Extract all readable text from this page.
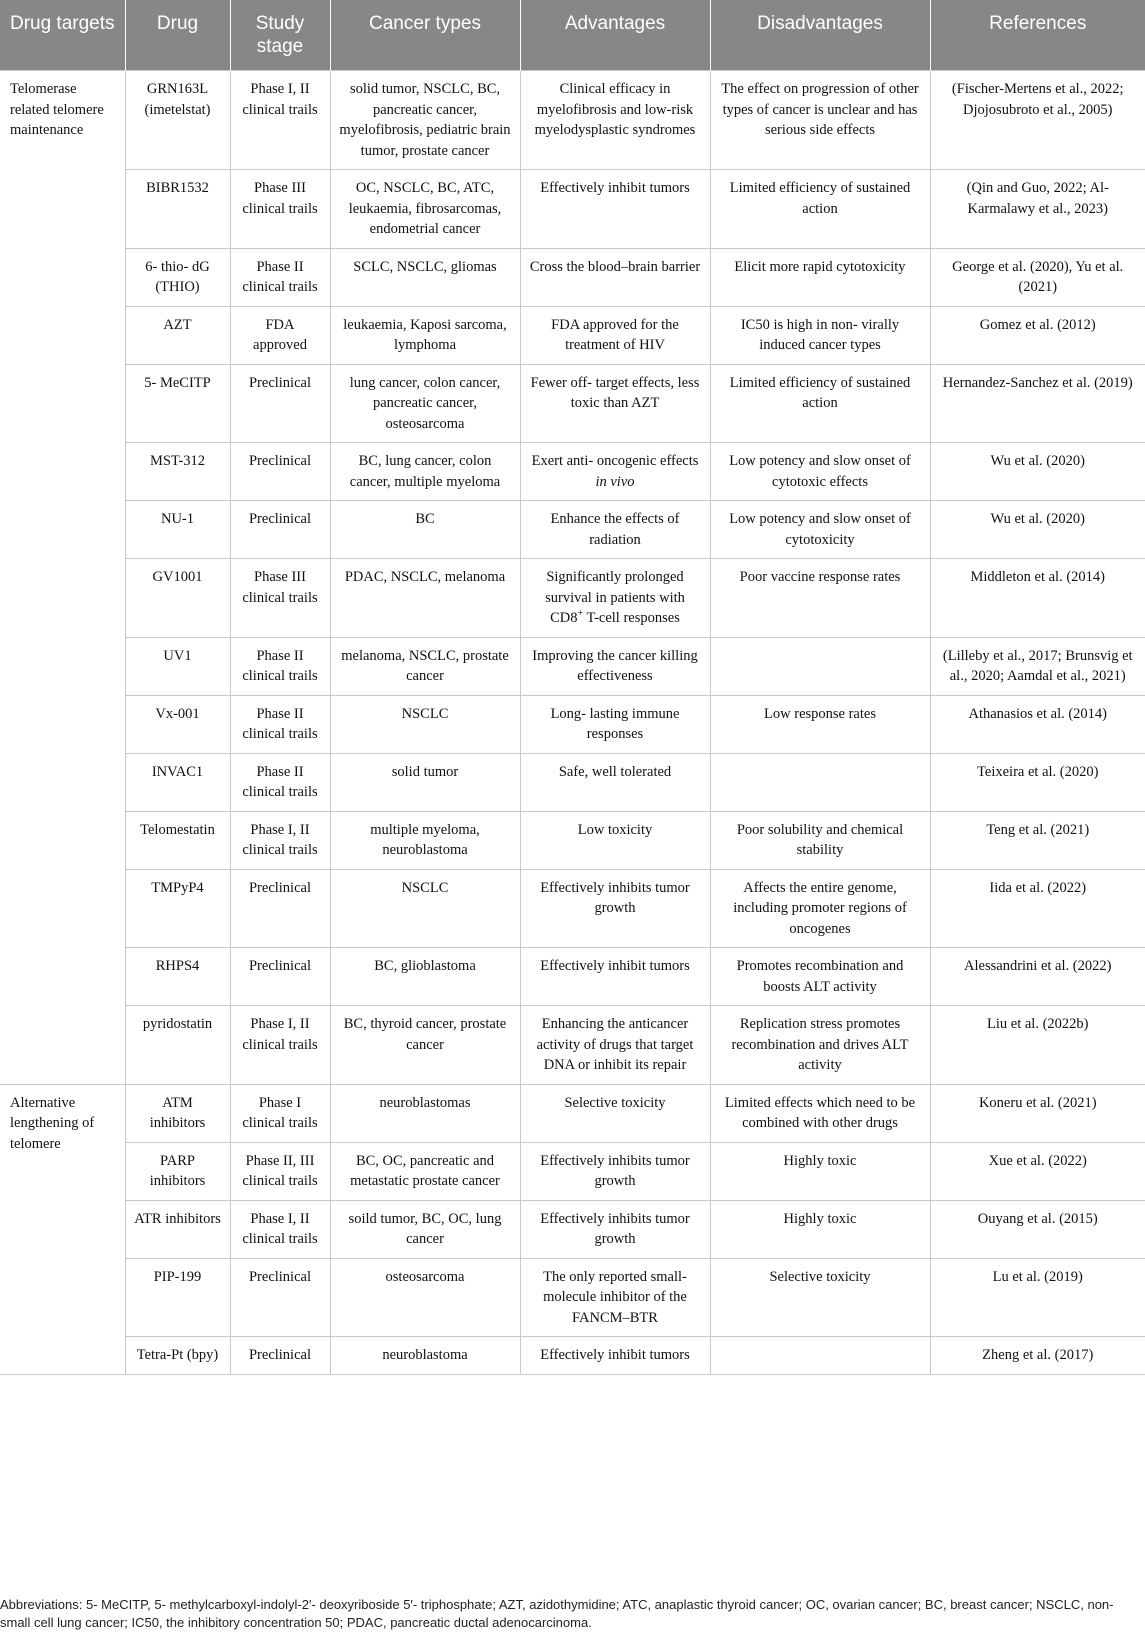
Drug targets	Drug	Study stage	Cancer types	Advantages	Disadvantages	References
Telomerase related telomere maintenance	GRN163L (imetelstat)	Phase I, II clinical trails	solid tumor, NSCLC, BC, pancreatic cancer, myelofibrosis, pediatric brain tumor, prostate cancer	Clinical efficacy in myelofibrosis and low-risk myelodysplastic syndromes	The effect on progression of other types of cancer is unclear and has serious side effects	(Fischer-Mertens et al., 2022; Djojosubroto et al., 2005)
	BIBR1532	Phase III clinical trails	OC, NSCLC, BC, ATC, leukaemia, fibrosarcomas, endometrial cancer	Effectively inhibit tumors	Limited efficiency of sustained action	(Qin and Guo, 2022; Al-Karmalawy et al., 2023)
	6- thio- dG (THIO)	Phase II clinical trails	SCLC, NSCLC, gliomas	Cross the blood–brain barrier	Elicit more rapid cytotoxicity	George et al. (2020), Yu et al. (2021)
	AZT	FDA approved	leukaemia, Kaposi sarcoma, lymphoma	FDA approved for the treatment of HIV	IC50 is high in non- virally induced cancer types	Gomez et al. (2012)
	5- MeCITP	Preclinical	lung cancer, colon cancer, pancreatic cancer, osteosarcoma	Fewer off- target effects, less toxic than AZT	Limited efficiency of sustained action	Hernandez-Sanchez et al. (2019)
	MST-312	Preclinical	BC, lung cancer, colon cancer, multiple myeloma	Exert anti- oncogenic effects in vivo	Low potency and slow onset of cytotoxic effects	Wu et al. (2020)
	NU-1	Preclinical	BC	Enhance the effects of radiation	Low potency and slow onset of cytotoxicity	Wu et al. (2020)
	GV1001	Phase III clinical trails	PDAC, NSCLC, melanoma	Significantly prolonged survival in patients with CD8+ T-cell responses	Poor vaccine response rates	Middleton et al. (2014)
	UV1	Phase II clinical trails	melanoma, NSCLC, prostate cancer	Improving the cancer killing effectiveness		(Lilleby et al., 2017; Brunsvig et al., 2020; Aamdal et al., 2021)
	Vx-001	Phase II clinical trails	NSCLC	Long- lasting immune responses	Low response rates	Athanasios et al. (2014)
	INVAC1	Phase II clinical trails	solid tumor	Safe, well tolerated		Teixeira et al. (2020)
	Telomestatin	Phase I, II clinical trails	multiple myeloma, neuroblastoma	Low toxicity	Poor solubility and chemical stability	Teng et al. (2021)
	TMPyP4	Preclinical	NSCLC	Effectively inhibits tumor growth	Affects the entire genome, including promoter regions of oncogenes	Iida et al. (2022)
	RHPS4	Preclinical	BC, glioblastoma	Effectively inhibit tumors	Promotes recombination and boosts ALT activity	Alessandrini et al. (2022)
	pyridostatin	Phase I, II clinical trails	BC, thyroid cancer, prostate cancer	Enhancing the anticancer activity of drugs that target DNA or inhibit its repair	Replication stress promotes recombination and drives ALT activity	Liu et al. (2022b)
Alternative lengthening of telomere	ATM inhibitors	Phase I clinical trails	neuroblastomas	Selective toxicity	Limited effects which need to be combined with other drugs	Koneru et al. (2021)
	PARP inhibitors	Phase II, III clinical trails	BC, OC, pancreatic and metastatic prostate cancer	Effectively inhibits tumor growth	Highly toxic	Xue et al. (2022)
	ATR inhibitors	Phase I, II clinical trails	soild tumor, BC, OC, lung cancer	Effectively inhibits tumor growth	Highly toxic	Ouyang et al. (2015)
	PIP-199	Preclinical	osteosarcoma	The only reported small-molecule inhibitor of the FANCM–BTR	Selective toxicity	Lu et al. (2019)
	Tetra-Pt (bpy)	Preclinical	neuroblastoma	Effectively inhibit tumors		Zheng et al. (2017)
Abbreviations: 5- MeCITP, 5- methylcarboxyl-indolyl-2′- deoxyriboside 5′- triphosphate; AZT, azidothymidine; ATC, anaplastic thyroid cancer; OC, ovarian cancer; BC, breast cancer; NSCLC, non-small cell lung cancer; IC50, the inhibitory concentration 50; PDAC, pancreatic ductal adenocarcinoma.
